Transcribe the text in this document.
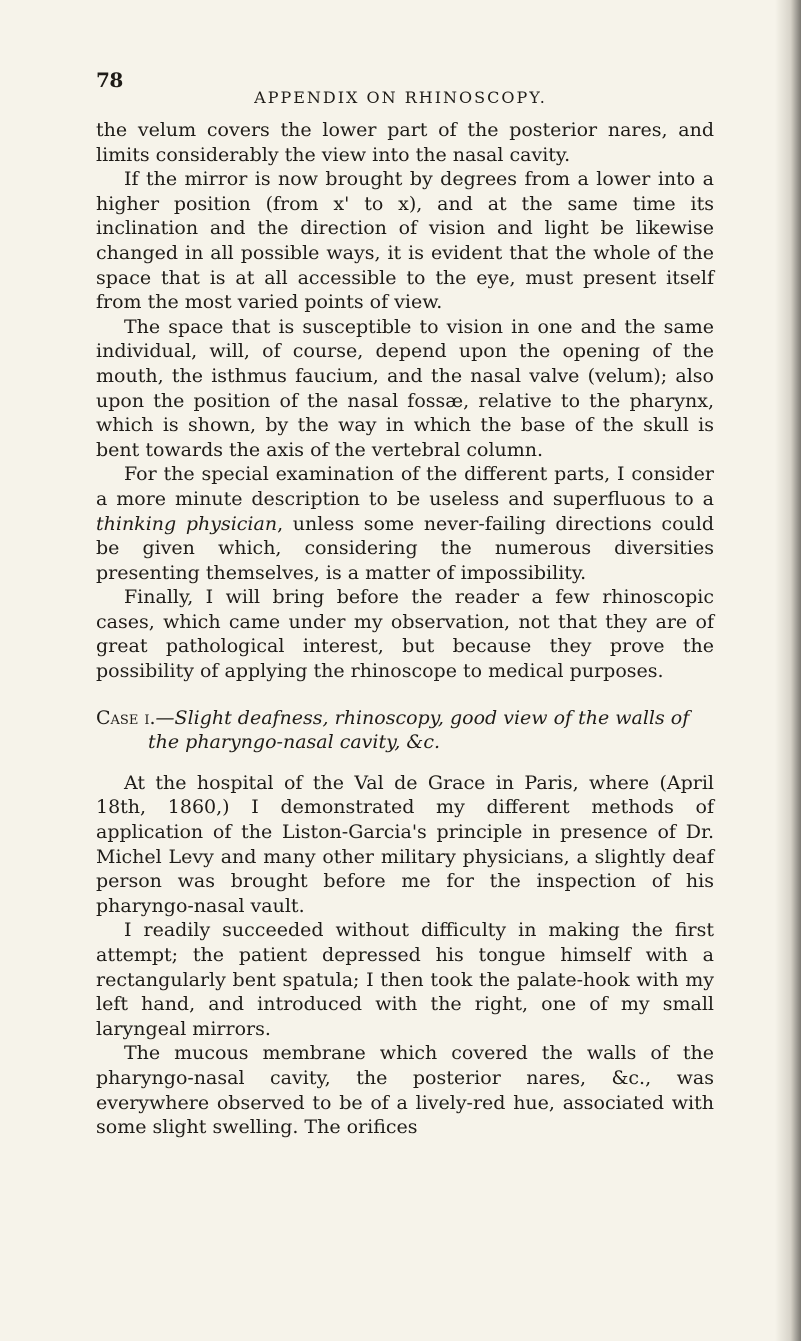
78
APPENDIX ON RHINOSCOPY.

the velum covers the lower part of the posterior nares, and limits considerably the view into the nasal cavity.

If the mirror is now brought by degrees from a lower into a higher position (from x' to x), and at the same time its inclination and the direction of vision and light be likewise changed in all possible ways, it is evident that the whole of the space that is at all accessible to the eye, must present itself from the most varied points of view.

The space that is susceptible to vision in one and the same individual, will, of course, depend upon the opening of the mouth, the isthmus faucium, and the nasal valve (velum); also upon the position of the nasal fossæ, relative to the pharynx, which is shown, by the way in which the base of the skull is bent towards the axis of the vertebral column.

For the special examination of the different parts, I consider a more minute description to be useless and superfluous to a thinking physician, unless some never-failing directions could be given which, considering the numerous diversities presenting themselves, is a matter of impossibility.

Finally, I will bring before the reader a few rhinoscopic cases, which came under my observation, not that they are of great pathological interest, but because they prove the possibility of applying the rhinoscope to medical purposes.

Case i.—Slight deafness, rhinoscopy, good view of the walls of the pharyngo-nasal cavity, &c.

At the hospital of the Val de Grace in Paris, where (April 18th, 1860,) I demonstrated my different methods of application of the Liston-Garcia's principle in presence of Dr. Michel Levy and many other military physicians, a slightly deaf person was brought before me for the inspection of his pharyngo-nasal vault.

I readily succeeded without difficulty in making the first attempt; the patient depressed his tongue himself with a rectangularly bent spatula; I then took the palate-hook with my left hand, and introduced with the right, one of my small laryngeal mirrors.

The mucous membrane which covered the walls of the pharyngo-nasal cavity, the posterior nares, &c., was everywhere observed to be of a lively-red hue, associated with some slight swelling. The orifices
